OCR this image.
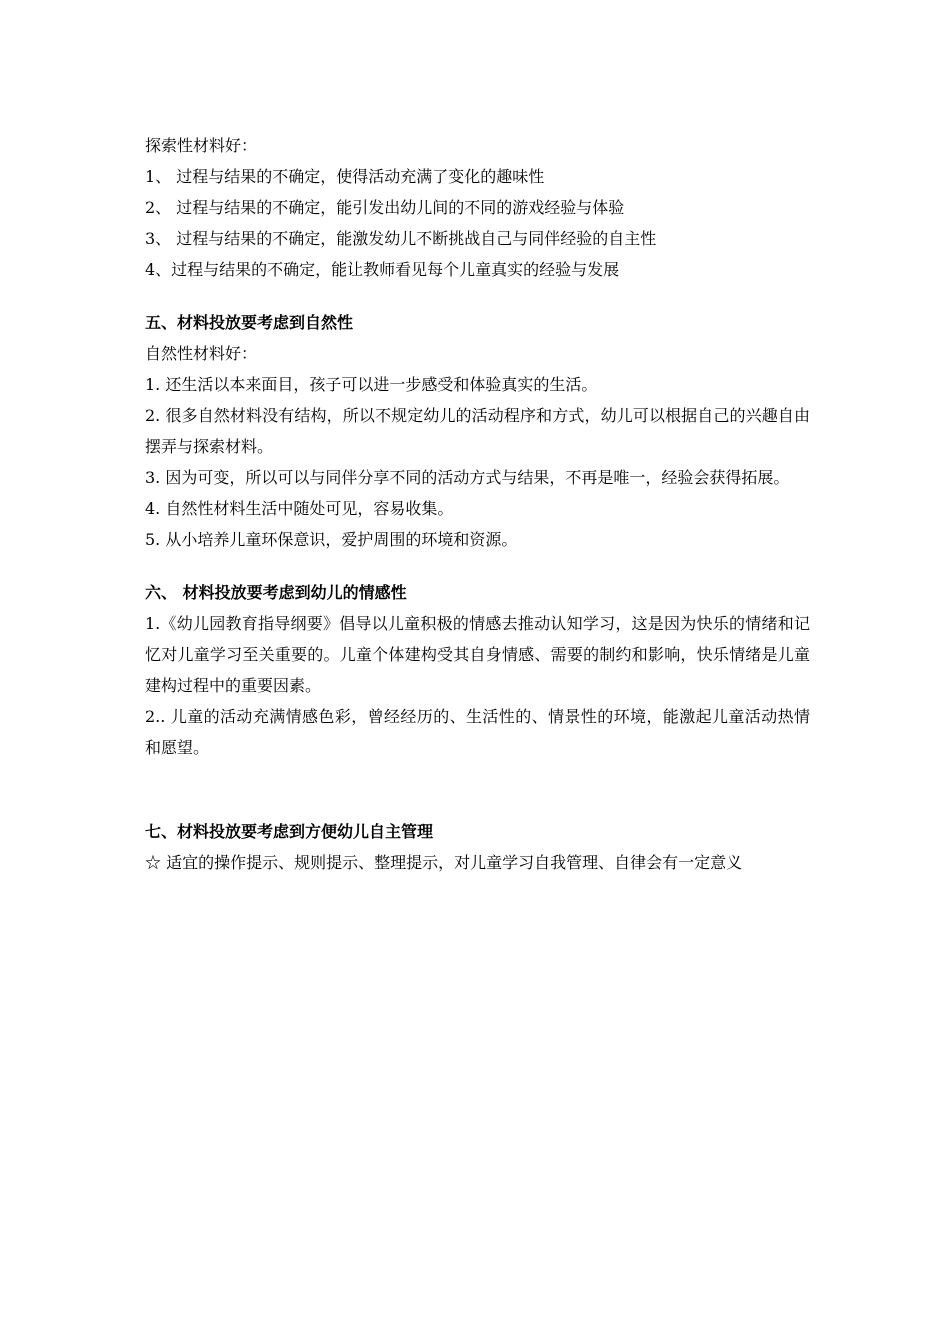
探索性材料好：
1、 过程与结果的不确定，使得活动充满了变化的趣味性
2、 过程与结果的不确定，能引发出幼儿间的不同的游戏经验与体验
3、 过程与结果的不确定，能激发幼儿不断挑战自己与同伴经验的自主性
4、过程与结果的不确定，能让教师看见每个儿童真实的经验与发展
五、材料投放要考虑到自然性
自然性材料好：
1. 还生活以本来面目，孩子可以进一步感受和体验真实的生活。
2. 很多自然材料没有结构，所以不规定幼儿的活动程序和方式，幼儿可以根据自己的兴趣自由摆弄与探索材料。
3. 因为可变，所以可以与同伴分享不同的活动方式与结果，不再是唯一，经验会获得拓展。
4. 自然性材料生活中随处可见，容易收集。
5. 从小培养儿童环保意识，爱护周围的环境和资源。
六、 材料投放要考虑到幼儿的情感性
1.《幼儿园教育指导纲要》倡导以儿童积极的情感去推动认知学习，这是因为快乐的情绪和记忆对儿童学习至关重要的。儿童个体建构受其自身情感、需要的制约和影响，快乐情绪是儿童建构过程中的重要因素。
2.. 儿童的活动充满情感色彩，曾经经历的、生活性的、情景性的环境，能激起儿童活动热情和愿望。
七、材料投放要考虑到方便幼儿自主管理
☆ 适宜的操作提示、规则提示、整理提示，对儿童学习自我管理、自律会有一定意义
